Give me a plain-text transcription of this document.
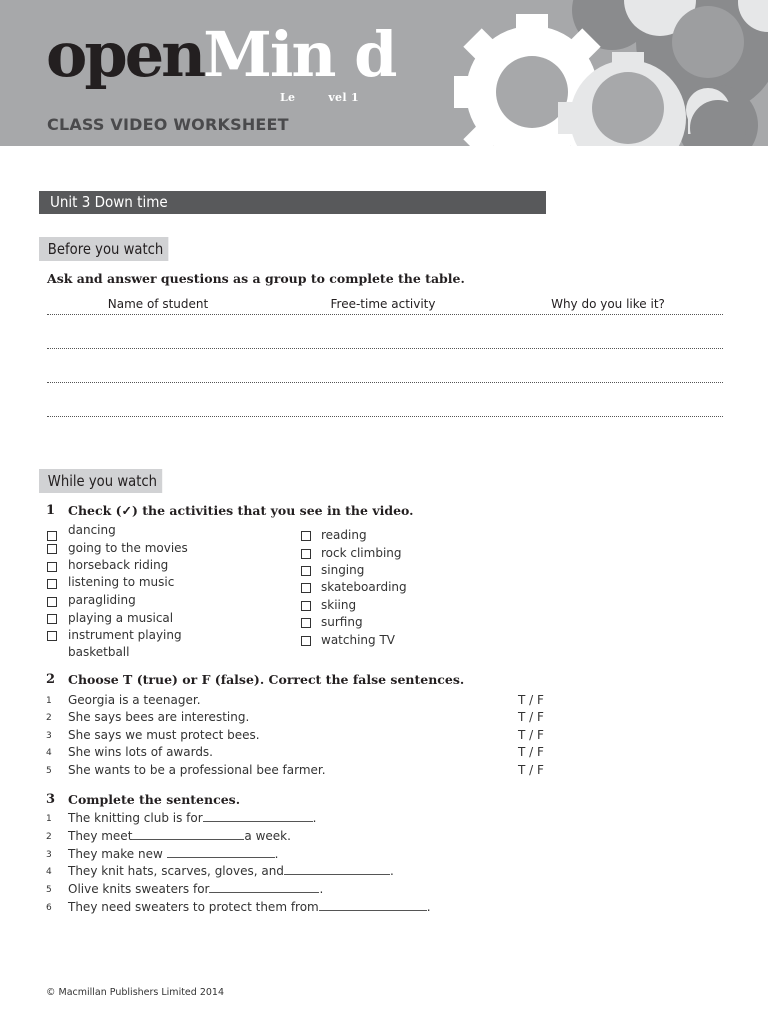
openMin d
Le        vel 1
CLASS VIDEO WORKSHEET
Unit 3 Down time
Before you watch
Ask and answer questions as a group to complete the table.
Name of student	Free-time activity	Why do you like it?
While you watch
1 Check (✓) the activities that you see in the video.
dancing
going to the movies
horseback riding
listening to music
paragliding
playing a musical
instrument playing
basketball
reading
rock climbing
singing
skateboarding
skiing
surfing
watching TV
2 Choose T (true) or F (false). Correct the false sentences.
1 Georgia is a teenager.	T / F
2 She says bees are interesting.	T / F
3 She says we must protect bees.	T / F
4 She wins lots of awards.	T / F
5 She wants to be a professional bee farmer.	T / F
3 Complete the sentences.
1 The knitting club is for	.
2 They meet	a week.
3 They make new	.
4 They knit hats, scarves, gloves, and	.
5 Olive knits sweaters for	.
6 They need sweaters to protect them from	.
© Macmillan Publishers Limited 2014
